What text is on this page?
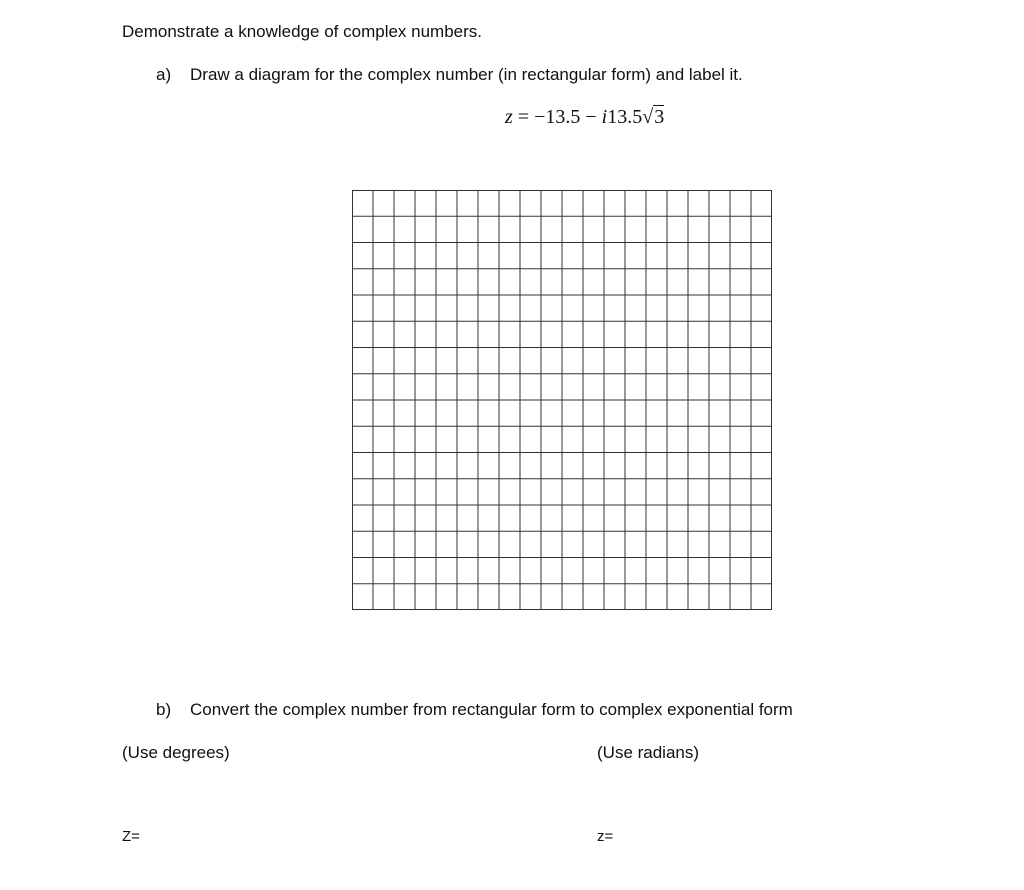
Demonstrate a knowledge of complex numbers.
a) Draw a diagram for the complex number (in rectangular form) and label it.
z = −13.5 − i13.5√3
b) Convert the complex number from rectangular form to complex exponential form
(Use degrees)	(Use radians)
Z=	z=
